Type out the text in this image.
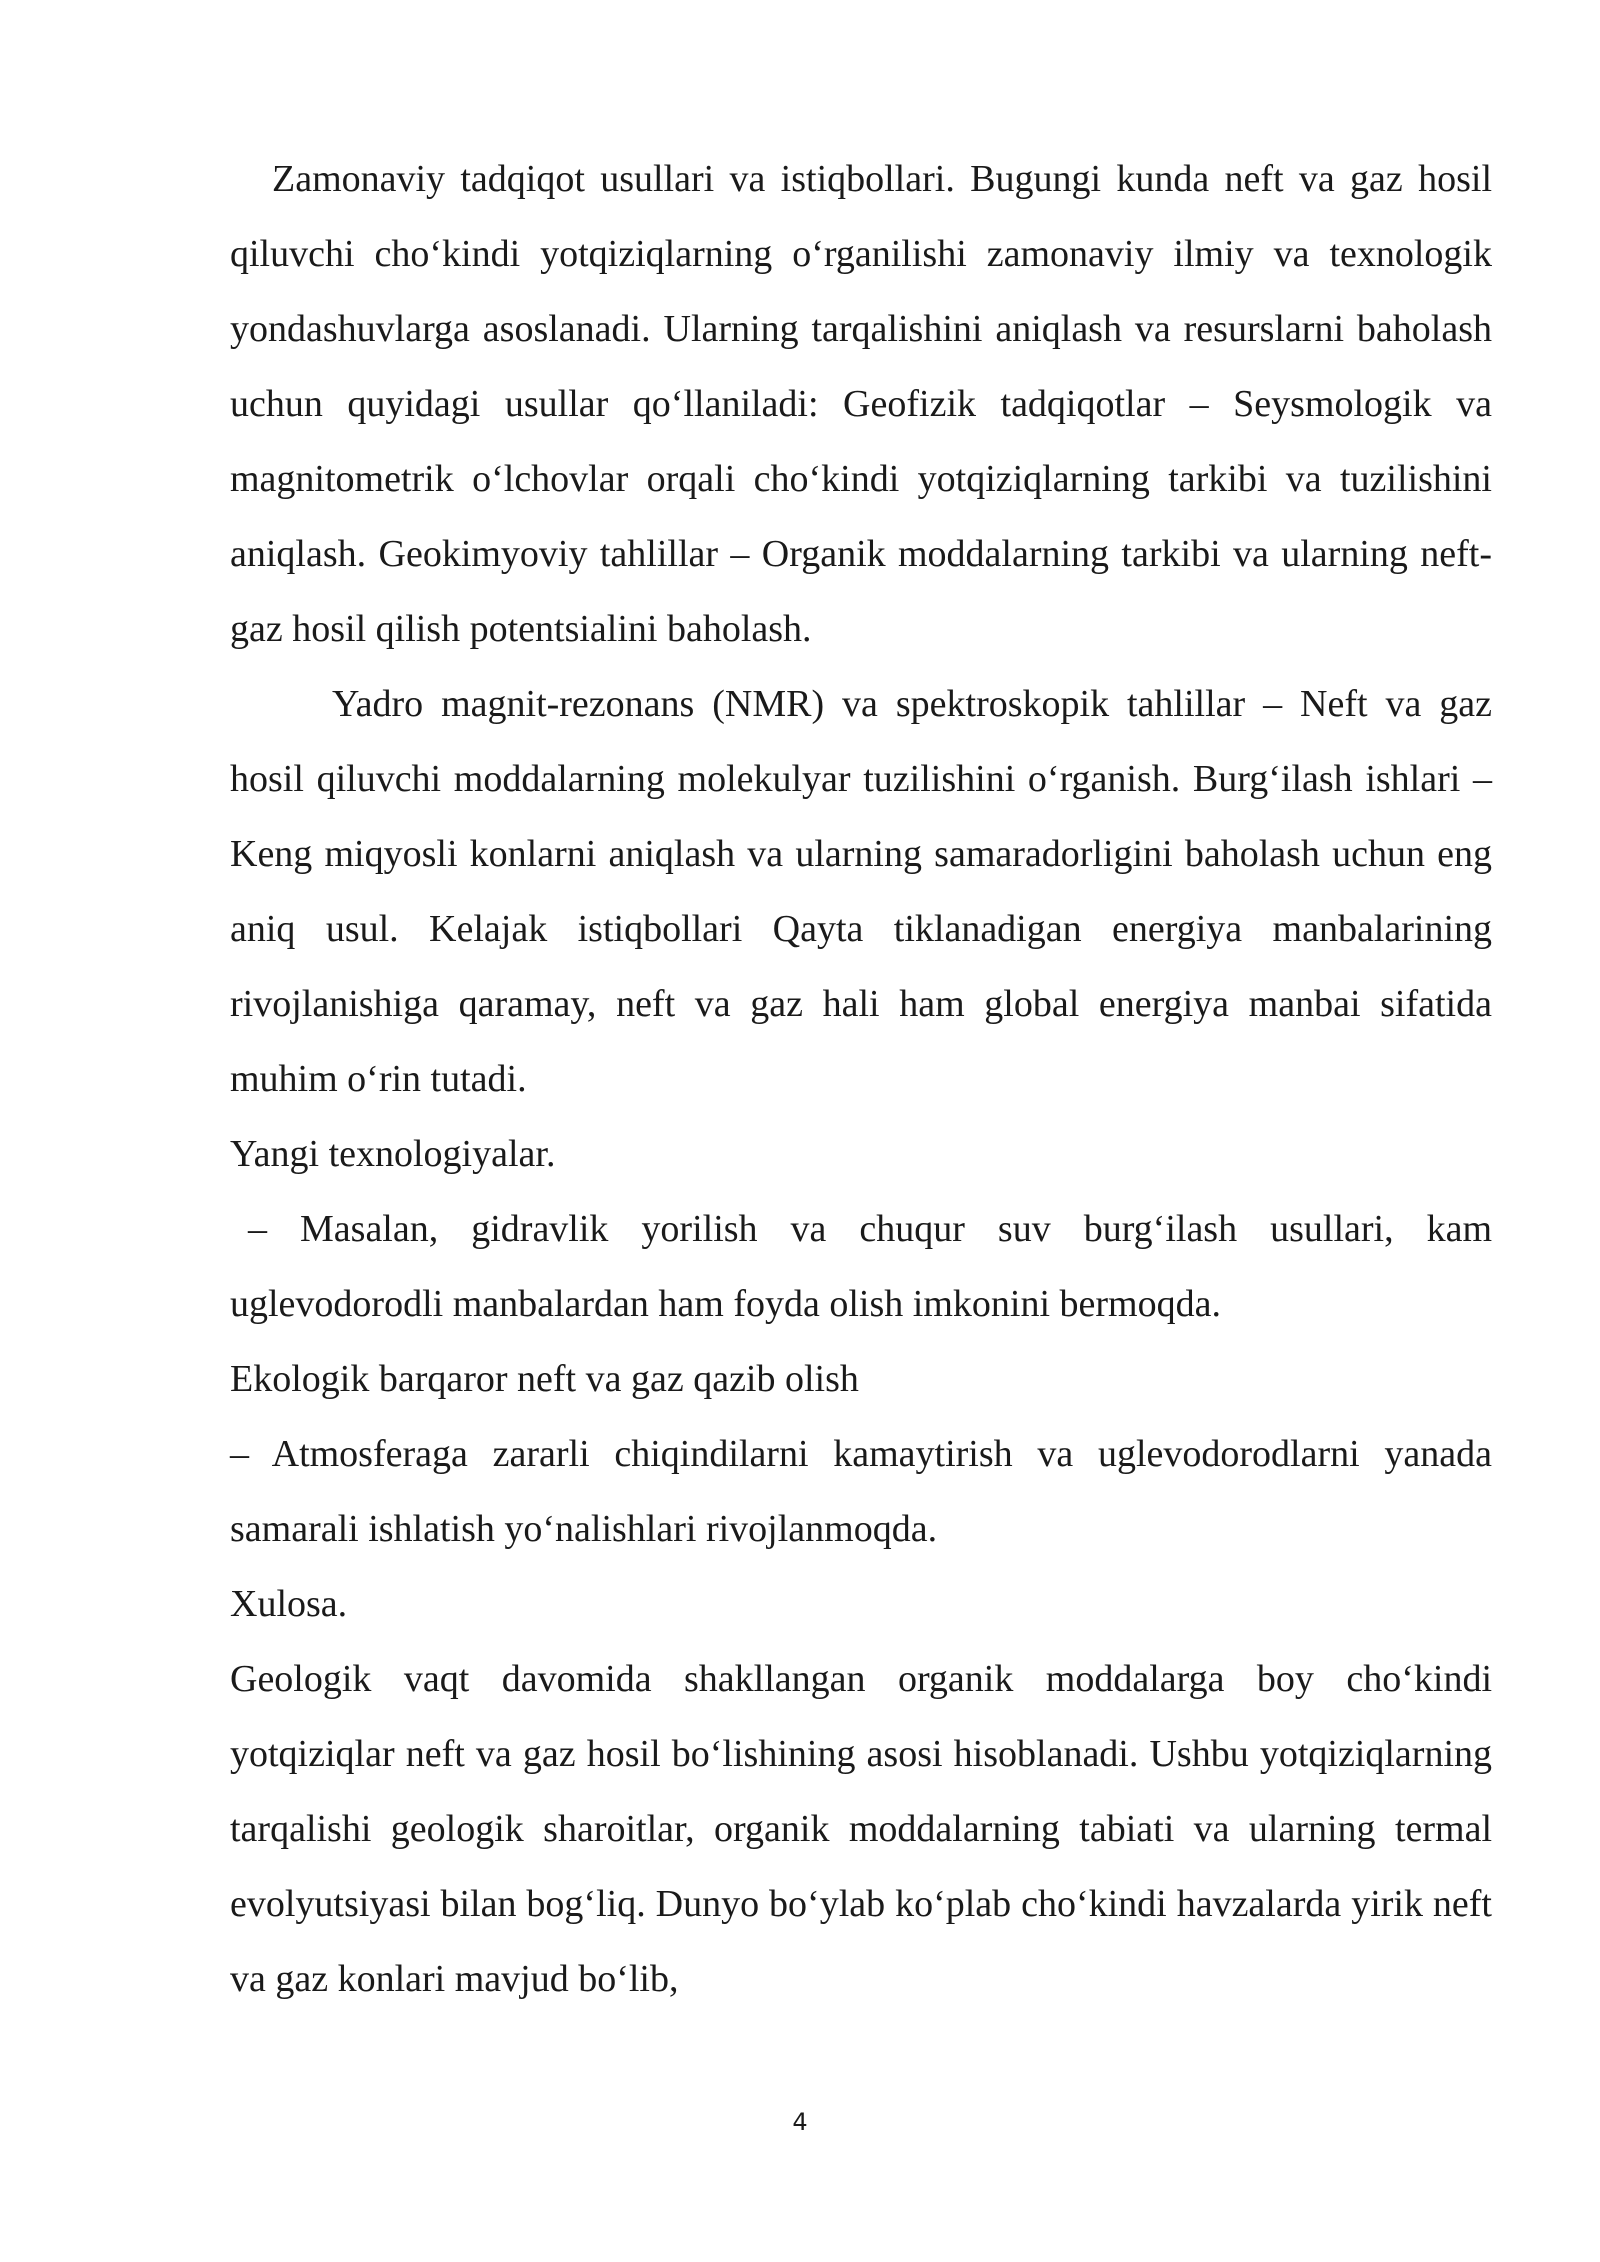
Zamonaviy tadqiqot usullari va istiqbollari. Bugungi kunda neft va gaz hosil qiluvchi cho‘kindi yotqiziqlarning o‘rganilishi zamonaviy ilmiy va texnologik yondashuvlarga asoslanadi. Ularning tarqalishini aniqlash va resurslarni baholash uchun quyidagi usullar qo‘llaniladi: Geofizik tadqiqotlar – Seysmologik va magnitometrik o‘lchovlar orqali cho‘kindi yotqiziqlarning tarkibi va tuzilishini aniqlash. Geokimyoviy tahlillar – Organik moddalarning tarkibi va ularning neft-gaz hosil qilish potentsialini baholash.

Yadro magnit-rezonans (NMR) va spektroskopik tahlillar – Neft va gaz hosil qiluvchi moddalarning molekulyar tuzilishini o‘rganish. Burg‘ilash ishlari – Keng miqyosli konlarni aniqlash va ularning samaradorligini baholash uchun eng aniq usul. Kelajak istiqbollari Qayta tiklanadigan energiya manbalarining rivojlanishiga qaramay, neft va gaz hali ham global energiya manbai sifatida muhim o‘rin tutadi.

Yangi texnologiyalar.

– Masalan, gidravlik yorilish va chuqur suv burg‘ilash usullari, kam uglevodorodli manbalardan ham foyda olish imkonini bermoqda.

Ekologik barqaror neft va gaz qazib olish

– Atmosferaga zararli chiqindilarni kamaytirish va uglevodorodlarni yanada samarali ishlatish yo‘nalishlari rivojlanmoqda.

Xulosa.

Geologik vaqt davomida shakllangan organik moddalarga boy cho‘kindi yotqiziqlar neft va gaz hosil bo‘lishining asosi hisoblanadi. Ushbu yotqiziqlarning tarqalishi geologik sharoitlar, organik moddalarning tabiati va ularning termal evolyutsiyasi bilan bog‘liq. Dunyo bo‘ylab ko‘plab cho‘kindi havzalarda yirik neft va gaz konlari mavjud bo‘lib,

4
